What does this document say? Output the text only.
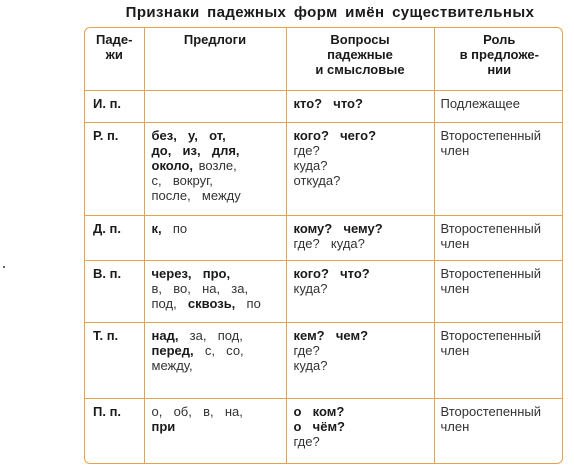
Признаки падежных форм имён существительных
Паде-
жи	Предлоги	Вопросы
падежные
и смысловые	Роль
в предложе-
нии

И. п.		кто?  что?	Подлежащее

Р. п.	без,  у,  от,
до,  из,  для,
около, возле,
с,  вокруг,
после,  между	кого?  чего?
где?
куда?
откуда?	Второстепенный
член

Д. п.	к,  по	кому?  чему?
где?  куда?	Второстепенный
член

В. п.	через,  про,
в,  во,  на,  за,
под,  сквозь,  по	кого?  что?
куда?	Второстепенный
член

Т. п.	над,  за,  под,
перед,  с,  со,
между,	кем?  чем?
где?
куда?	Второстепенный
член

П. п.	о,  об,  в,  на,
при	о  ком?
о  чём?
где?	Второстепенный
член
